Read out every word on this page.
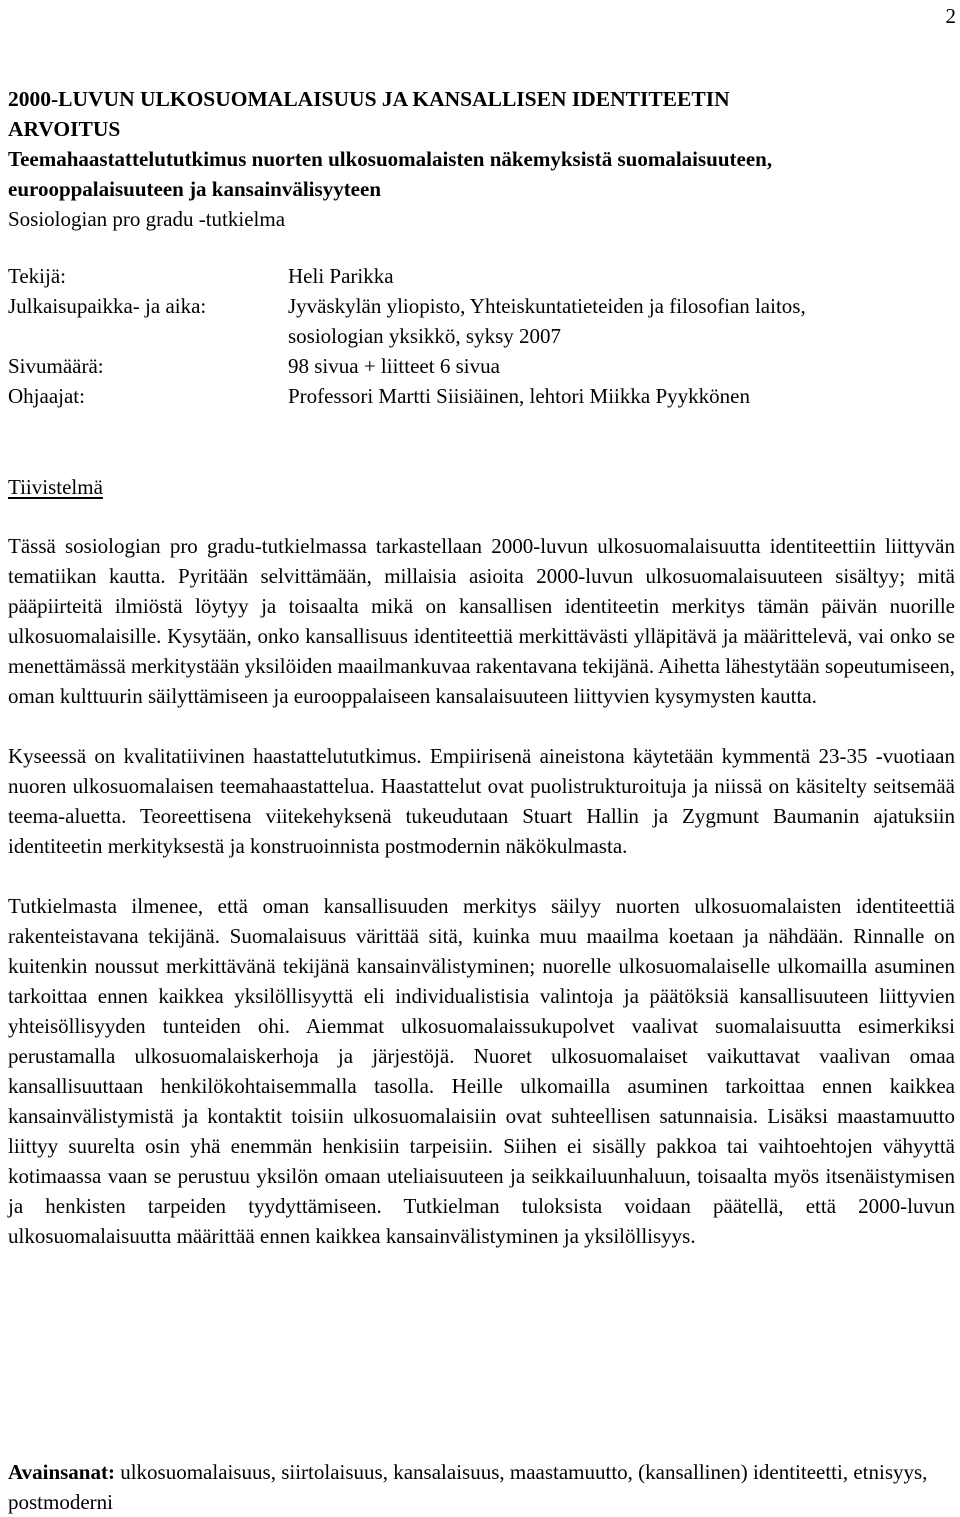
2

2000-LUVUN ULKOSUOMALAISUUS JA KANSALLISEN IDENTITEETIN

ARVOITUS

Teemahaastattelututkimus nuorten ulkosuomalaisten näkemyksistä suomalaisuuteen,

eurooppalaisuuteen ja kansainvälisyyteen

Sosiologian pro gradu -tutkielma

Tekijä:	Heli Parikka
Julkaisupaikka- ja aika:	Jyväskylän yliopisto, Yhteiskuntatieteiden ja filosofian laitos,
sosiologian yksikkö, syksy 2007
Sivumäärä:	98 sivua + liitteet 6 sivua
Ohjaajat:	Professori Martti Siisiäinen, lehtori Miikka Pyykkönen
Tiivistelmä

Tässä sosiologian pro gradu-tutkielmassa tarkastellaan 2000-luvun ulkosuomalaisuutta identiteettiin liittyvän tematiikan kautta. Pyritään selvittämään, millaisia asioita 2000-luvun ulkosuomalaisuuteen sisältyy; mitä pääpiirteitä ilmiöstä löytyy ja toisaalta mikä on kansallisen identiteetin merkitys tämän päivän nuorille ulkosuomalaisille. Kysytään, onko kansallisuus identiteettiä merkittävästi ylläpitävä ja määrittelevä, vai onko se menettämässä merkitystään yksilöiden maailmankuvaa rakentavana tekijänä. Aihetta lähestytään sopeutumiseen, oman kulttuurin säilyttämiseen ja eurooppalaiseen kansalaisuuteen liittyvien kysymysten kautta.

Kyseessä on kvalitatiivinen haastattelututkimus. Empiirisenä aineistona käytetään kymmentä 23-35 -vuotiaan nuoren ulkosuomalaisen teemahaastattelua. Haastattelut ovat puolistrukturoituja ja niissä on käsitelty seitsemää teema-aluetta. Teoreettisena viitekehyksenä tukeudutaan Stuart Hallin ja Zygmunt Baumanin ajatuksiin identiteetin merkityksestä ja konstruoinnista postmodernin näkökulmasta.

Tutkielmasta ilmenee, että oman kansallisuuden merkitys säilyy nuorten ulkosuomalaisten identiteettiä rakenteistavana tekijänä. Suomalaisuus värittää sitä, kuinka muu maailma koetaan ja nähdään. Rinnalle on kuitenkin noussut merkittävänä tekijänä kansainvälistyminen; nuorelle ulkosuomalaiselle ulkomailla asuminen tarkoittaa ennen kaikkea yksilöllisyyttä eli individualistisia valintoja ja päätöksiä kansallisuuteen liittyvien yhteisöllisyyden tunteiden ohi. Aiemmat ulkosuomalaissukupolvet vaalivat suomalaisuutta esimerkiksi perustamalla ulkosuomalaiskerhoja ja järjestöjä. Nuoret ulkosuomalaiset vaikuttavat vaalivan omaa kansallisuuttaan henkilökohtaisemmalla tasolla. Heille ulkomailla asuminen tarkoittaa ennen kaikkea kansainvälistymistä ja kontaktit toisiin ulkosuomalaisiin ovat suhteellisen satunnaisia. Lisäksi maastamuutto liittyy suurelta osin yhä enemmän henkisiin tarpeisiin. Siihen ei sisälly pakkoa tai vaihtoehtojen vähyyttä kotimaassa vaan se perustuu yksilön omaan uteliaisuuteen ja seikkailuunhaluun, toisaalta myös itsenäistymisen ja henkisten tarpeiden tyydyttämiseen. Tutkielman tuloksista voidaan päätellä, että 2000-luvun ulkosuomalaisuutta määrittää ennen kaikkea kansainvälistyminen ja yksilöllisyys.

Avainsanat: ulkosuomalaisuus, siirtolaisuus, kansalaisuus, maastamuutto, (kansallinen) identiteetti, etnisyys, postmoderni
